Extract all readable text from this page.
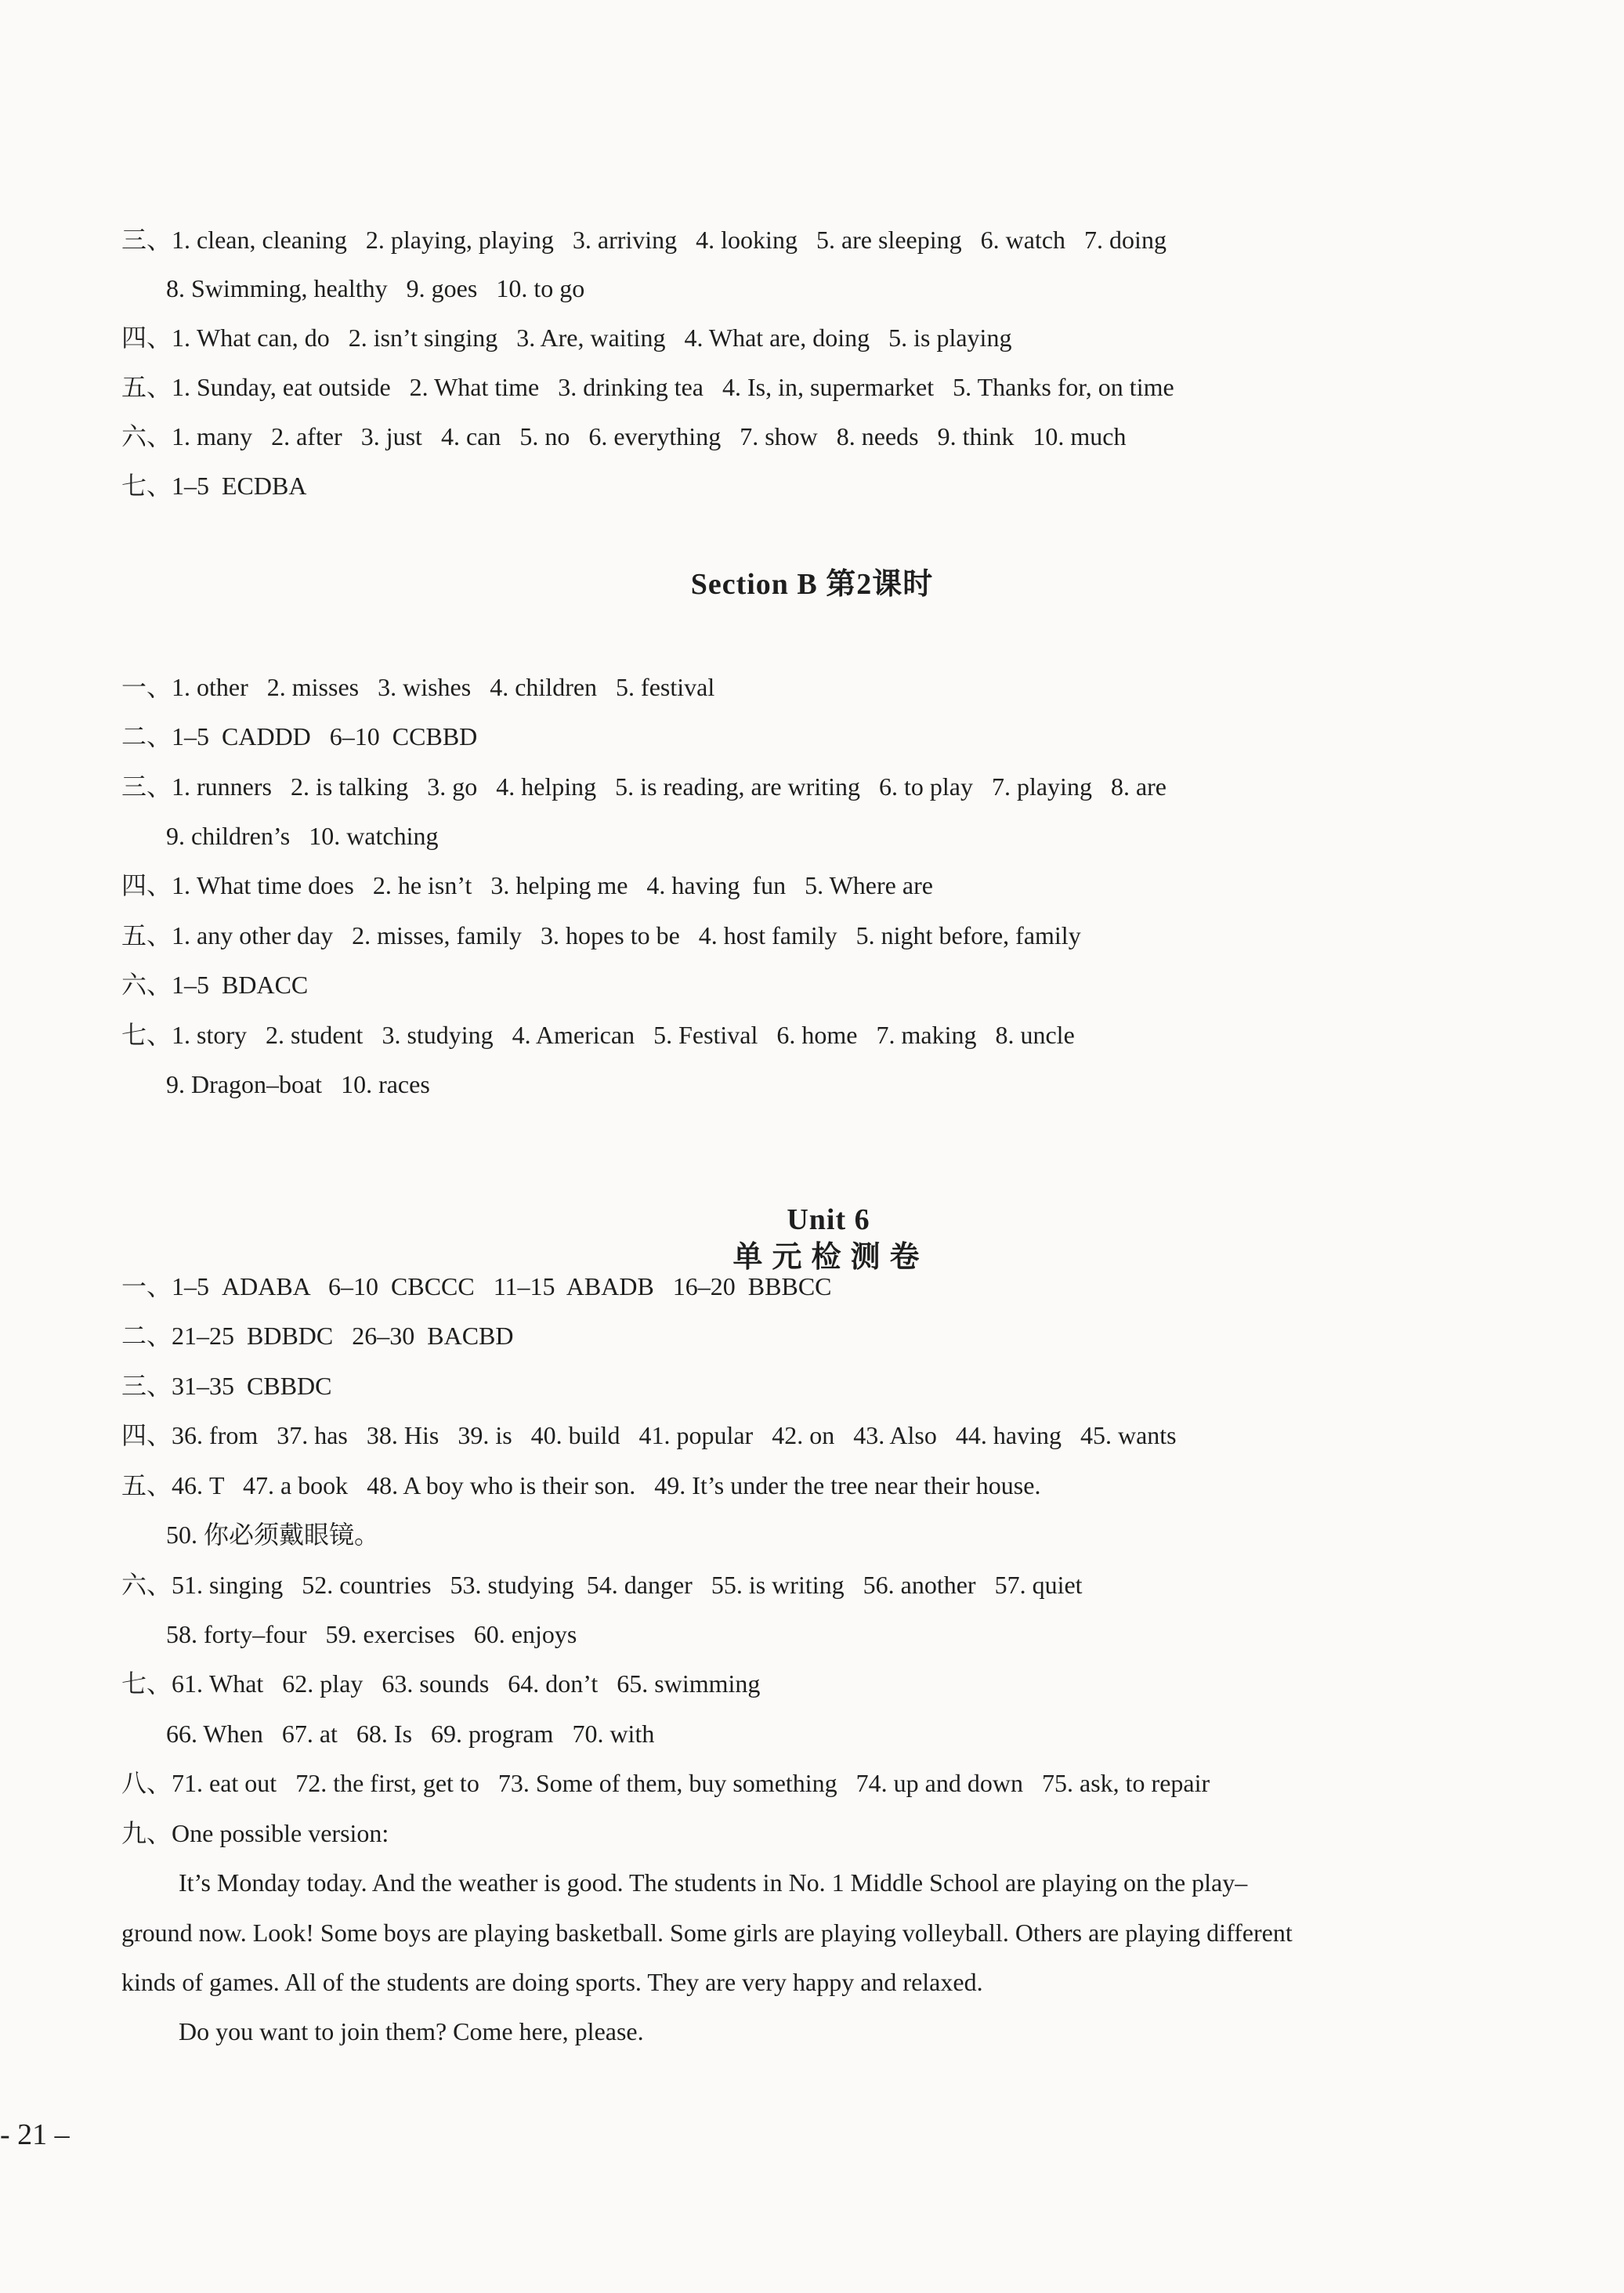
三、1. clean, cleaning   2. playing, playing   3. arriving   4. looking   5. are sleeping   6. watch   7. doing
8. Swimming, healthy   9. goes   10. to go
四、1. What can, do   2. isn’t singing   3. Are, waiting   4. What are, doing   5. is playing
五、1. Sunday, eat outside   2. What time   3. drinking tea   4. Is, in, supermarket   5. Thanks for, on time
六、1. many   2. after   3. just   4. can   5. no   6. everything   7. show   8. needs   9. think   10. much
七、1–5  ECDBA
Section B 第2课时
一、1. other   2. misses   3. wishes   4. children   5. festival
二、1–5  CADDD   6–10  CCBBD
三、1. runners   2. is talking   3. go   4. helping   5. is reading, are writing   6. to play   7. playing   8. are
9. children’s   10. watching
四、1. What time does   2. he isn’t   3. helping me   4. having  fun   5. Where are
五、1. any other day   2. misses, family   3. hopes to be   4. host family   5. night before, family
六、1–5  BDACC
七、1. story   2. student   3. studying   4. American   5. Festival   6. home   7. making   8. uncle
9. Dragon–boat   10. races

Unit 6
单元检测卷

一、1–5  ADABA   6–10  CBCCC   11–15  ABADB   16–20  BBBCC
二、21–25  BDBDC   26–30  BACBD
三、31–35  CBBDC
四、36. from   37. has   38. His   39. is   40. build   41. popular   42. on   43. Also   44. having   45. wants
五、46. T   47. a book   48. A boy who is their son.   49. It’s under the tree near their house.
50. 你必须戴眼镜。
六、51. singing   52. countries   53. studying  54. danger   55. is writing   56. another   57. quiet
58. forty–four   59. exercises   60. enjoys
七、61. What   62. play   63. sounds   64. don’t   65. swimming
66. When   67. at   68. Is   69. program   70. with
八、71. eat out   72. the first, get to   73. Some of them, buy something   74. up and down   75. ask, to repair
九、One possible version:
It’s Monday today. And the weather is good. The students in No. 1 Middle School are playing on the play–
ground now. Look! Some boys are playing basketball. Some girls are playing volleyball. Others are playing different
kinds of games. All of the students are doing sports. They are very happy and relaxed.
Do you want to join them? Come here, please.
- 21 –
